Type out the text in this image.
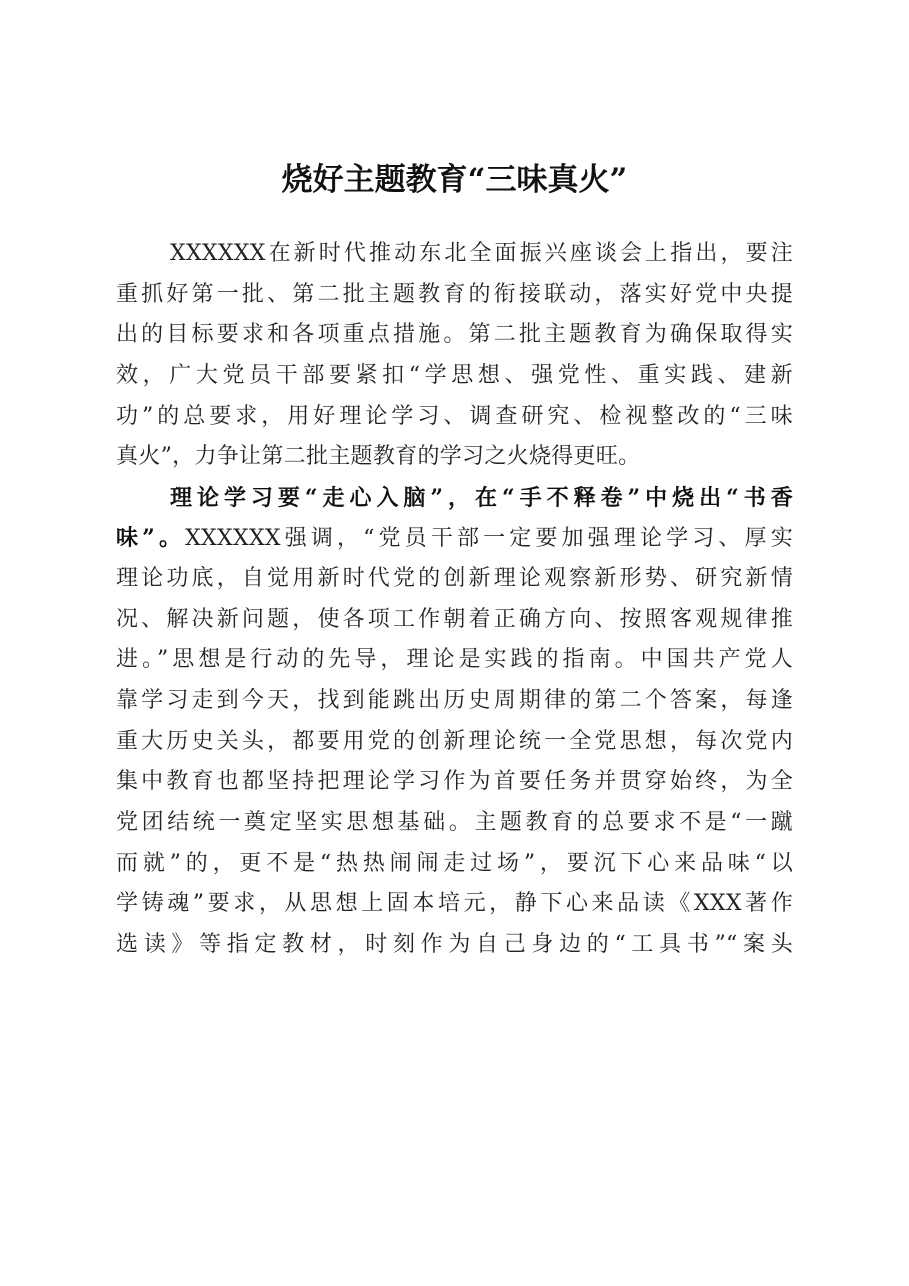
烧好主题教育“三味真火”
XXXXXX在新时代推动东北全面振兴座谈会上指出，要注
重抓好第一批、第二批主题教育的衔接联动，落实好党中央提
出的目标要求和各项重点措施。第二批主题教育为确保取得实
效，广大党员干部要紧扣“学思想、强党性、重实践、建新
功”的总要求，用好理论学习、调查研究、检视整改的“三味
真火”，力争让第二批主题教育的学习之火烧得更旺。
理论学习要“走心入脑”，在“手不释卷”中烧出“书香
味”。XXXXXX强调，“党员干部一定要加强理论学习、厚实
理论功底，自觉用新时代党的创新理论观察新形势、研究新情
况、解决新问题，使各项工作朝着正确方向、按照客观规律推
进。”思想是行动的先导，理论是实践的指南。中国共产党人
靠学习走到今天，找到能跳出历史周期律的第二个答案，每逢
重大历史关头，都要用党的创新理论统一全党思想，每次党内
集中教育也都坚持把理论学习作为首要任务并贯穿始终，为全
党团结统一奠定坚实思想基础。主题教育的总要求不是“一蹴
而就”的，更不是“热热闹闹走过场”，要沉下心来品味“以
学铸魂”要求，从思想上固本培元，静下心来品读《XXX著作
选读》等指定教材，时刻作为自己身边的“工具书”“案头
